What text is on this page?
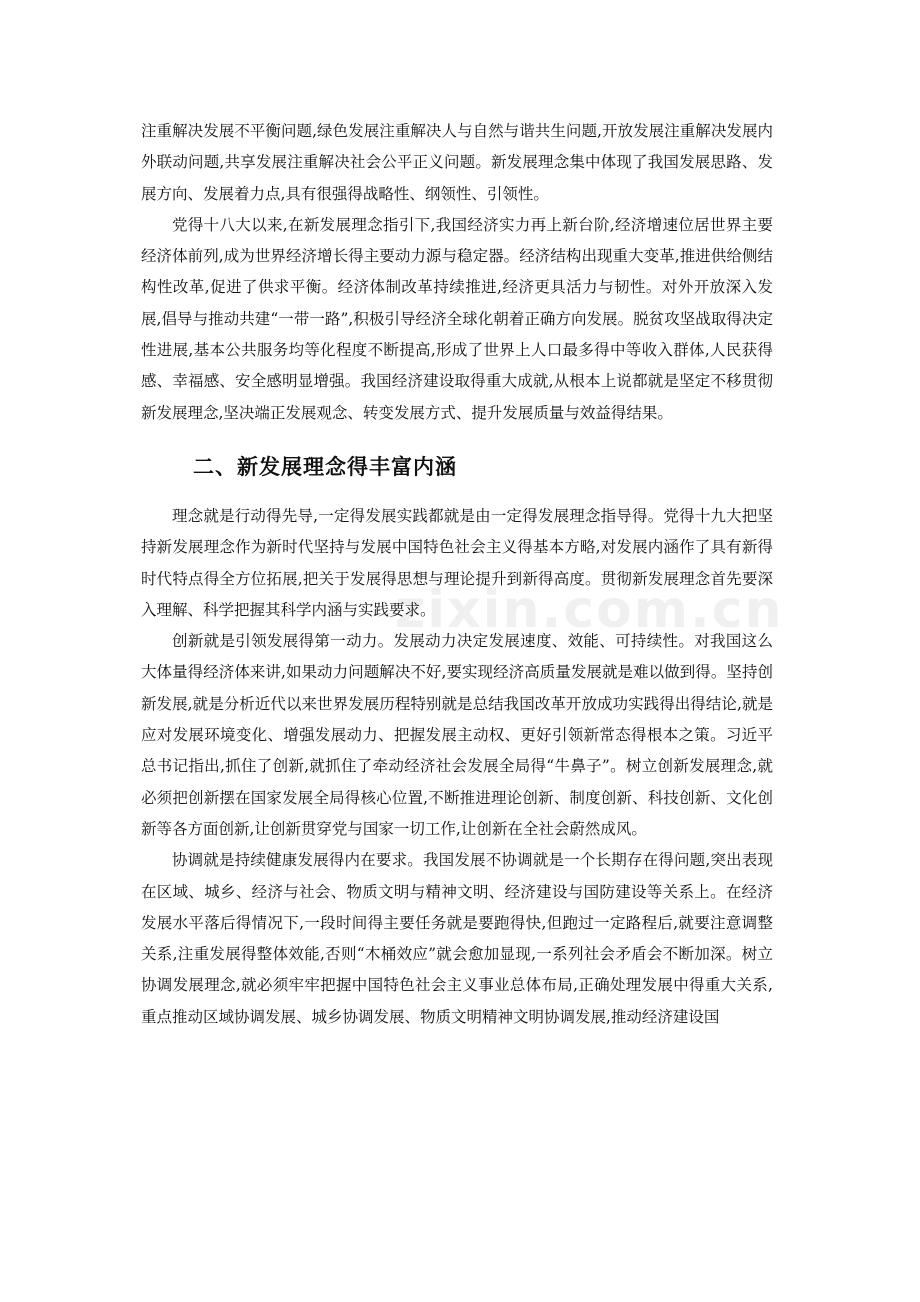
zixin.com.cn

注重解决发展不平衡问题,绿色发展注重解决人与自然与谐共生问题,开放发展注重解决发展内外联动问题,共享发展注重解决社会公平正义问题。新发展理念集中体现了我国发展思路、发展方向、发展着力点,具有很强得战略性、纲领性、引领性。

党得十八大以来,在新发展理念指引下,我国经济实力再上新台阶,经济增速位居世界主要经济体前列,成为世界经济增长得主要动力源与稳定器。经济结构出现重大变革,推进供给侧结构性改革,促进了供求平衡。经济体制改革持续推进,经济更具活力与韧性。对外开放深入发展,倡导与推动共建“一带一路”,积极引导经济全球化朝着正确方向发展。脱贫攻坚战取得决定性进展,基本公共服务均等化程度不断提高,形成了世界上人口最多得中等收入群体,人民获得感、幸福感、安全感明显增强。我国经济建设取得重大成就,从根本上说都就是坚定不移贯彻新发展理念,坚决端正发展观念、转变发展方式、提升发展质量与效益得结果。

二、新发展理念得丰富内涵

理念就是行动得先导,一定得发展实践都就是由一定得发展理念指导得。党得十九大把坚持新发展理念作为新时代坚持与发展中国特色社会主义得基本方略,对发展内涵作了具有新得时代特点得全方位拓展,把关于发展得思想与理论提升到新得高度。贯彻新发展理念首先要深入理解、科学把握其科学内涵与实践要求。

创新就是引领发展得第一动力。发展动力决定发展速度、效能、可持续性。对我国这么大体量得经济体来讲,如果动力问题解决不好,要实现经济高质量发展就是难以做到得。坚持创新发展,就是分析近代以来世界发展历程特别就是总结我国改革开放成功实践得出得结论,就是应对发展环境变化、增强发展动力、把握发展主动权、更好引领新常态得根本之策。习近平总书记指出,抓住了创新,就抓住了牵动经济社会发展全局得“牛鼻子”。树立创新发展理念,就必须把创新摆在国家发展全局得核心位置,不断推进理论创新、制度创新、科技创新、文化创新等各方面创新,让创新贯穿党与国家一切工作,让创新在全社会蔚然成风。

协调就是持续健康发展得内在要求。我国发展不协调就是一个长期存在得问题,突出表现在区域、城乡、经济与社会、物质文明与精神文明、经济建设与国防建设等关系上。在经济发展水平落后得情况下,一段时间得主要任务就是要跑得快,但跑过一定路程后,就要注意调整关系,注重发展得整体效能,否则“木桶效应”就会愈加显现,一系列社会矛盾会不断加深。树立协调发展理念,就必须牢牢把握中国特色社会主义事业总体布局,正确处理发展中得重大关系,重点推动区域协调发展、城乡协调发展、物质文明精神文明协调发展,推动经济建设国
